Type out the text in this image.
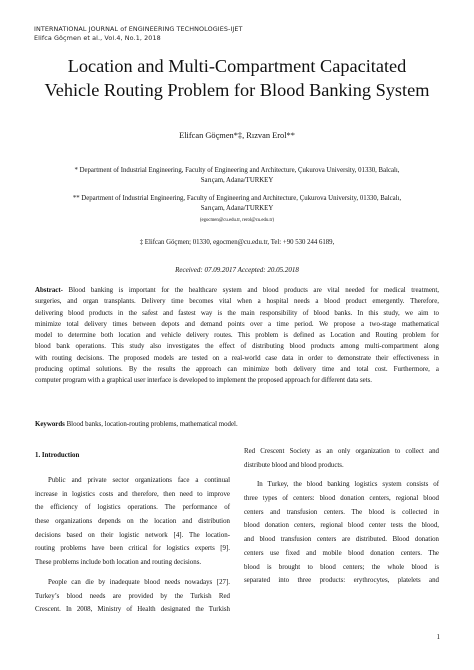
INTERNATIONAL JOURNAL of ENGINEERING TECHNOLOGIES-IJET
Elifca Göçmen et al., Vol.4, No.1, 2018
Location and Multi-Compartment Capacitated
Vehicle Routing Problem for Blood Banking System
Elifcan Göçmen*‡, Rızvan Erol**
* Department of Industrial Engineering, Faculty of Engineering and Architecture, Çukurova University, 01330, Balcalı,
Sarıçam, Adana/TURKEY
** Department of Industrial Engineering, Faculty of Engineering and Architecture, Çukurova University, 01330, Balcalı,
Sarıçam, Adana/TURKEY
(egocmen@cu.edu.tr, rerol@cu.edu.tr)
‡ Elifcan Göçmen; 01330, egocmen@cu.edu.tr, Tel: +90 530 244 6189,
Received: 07.09.2017 Accepted: 20.05.2018
Abstract- Blood banking is important for the healthcare system and blood products are vital needed for medical treatment,
surgeries, and organ transplants. Delivery time becomes vital when a hospital needs a blood product emergently. Therefore,
delivering blood products in the safest and fastest way is the main responsibility of blood banks. In this study, we aim to
minimize total delivery times between depots and demand points over a time period. We propose a two-stage mathematical
model to determine both location and vehicle delivery routes. This problem is defined as Location and Routing problem for
blood bank operations. This study also investigates the effect of distributing blood products among multi-compartment along
with routing decisions. The proposed models are tested on a real-world case data in order to demonstrate their effectiveness in
producing optimal solutions. By the results the approach can minimize both delivery time and total cost. Furthermore, a
computer program with a graphical user interface is developed to implement the proposed approach for different data sets.
Keywords Blood banks, location-routing problems, mathematical model.
1. Introduction
Public and private sector organizations face a continual
increase in logistics costs and therefore, then need to improve
the efficiency of logistics operations. The performance of
these organizations depends on the location and distribution
decisions based on their logistic network [4]. The location-
routing problems have been critical for logistics experts [9].
These problems include both location and routing decisions.
People can die by inadequate blood needs nowadays [27].
Turkey’s blood needs are provided by the Turkish Red
Crescent. In 2008, Ministry of Health designated the Turkish
Red Crescent Society as an only organization to collect and
distribute blood and blood products.
In Turkey, the blood banking logistics system consists of
three types of centers: blood donation centers, regional blood
centers and transfusion centers. The blood is collected in
blood donation centers, regional blood center tests the blood,
and blood transfusion centers are distributed. Blood donation
centers use fixed and mobile blood donation centers. The
blood is brought to blood centers; the whole blood is
separated into three products: erythrocytes, platelets and
1
